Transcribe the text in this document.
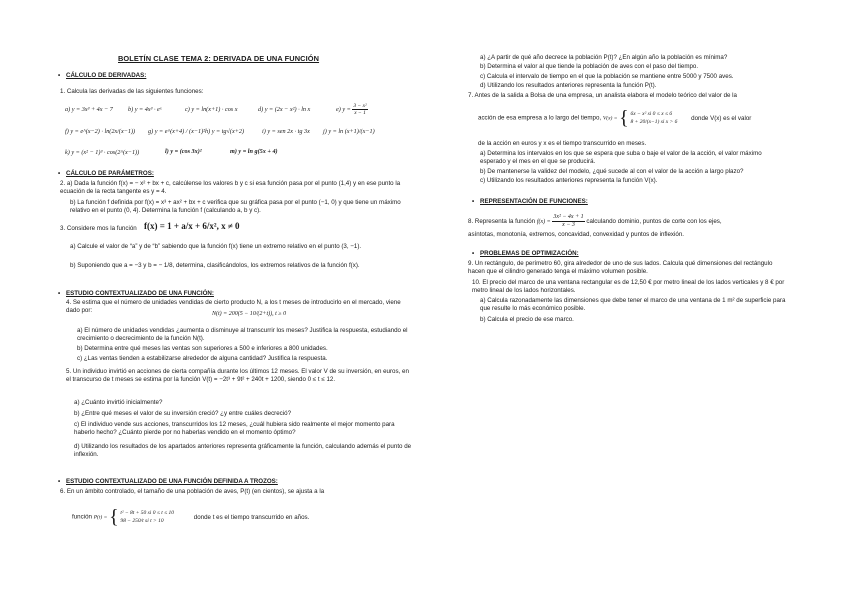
BOLETÍN CLASE TEMA 2: DERIVADA DE UNA FUNCIÓN
• CÁLCULO DE DERIVADAS:
1. Calcula las derivadas de las siguientes funciones:
a) y = 3x³ + 4x − 7 b) y = 4x³ · eˣ	c) y = ln(x+1) · cos x	d) y = (2x − x²) · ln x	e) $y = \frac{\text{3 − x²}}{x - 1}$
f) y = e^(x−2) · ln(2x/(x−1)) g) y = e^(x+4) / (x−1)² h) y = tg√(x+2)	i) y = sen 2x · tg 3x j) y = ln (x+1)/(x−1)
k) y = (x² − 1)³ · cos(2^(x−1))	l) y = (cos 3x)²	m) y = ln g(5x + 4)
• CÁLCULO DE PARÁMETROS:
2. a) Dada la función f(x) = − x² + bx + c, calcúlense los valores b y c si esa función pasa por el punto (1,4) y en ese punto la ecuación de la recta tangente es y = 4.
b) La función f definida por f(x) = x³ + ax² + bx + c verifica que su gráfica pasa por el punto (−1, 0) y que tiene un máximo relativo en el punto (0, 4). Determina la función f (calculando a, b y c).
3. Considere mos la función f(x) = 1 + a/x + 6/x², x ≠ 0
a) Calcule el valor de “a” y de “b” sabiendo que la función f(x) tiene un extremo relativo en el punto (3, −1).
b) Suponiendo que a = −3 y b = − 1/8, determina, clasificándolos, los extremos relativos de la función f(x).
• ESTUDIO CONTEXTUALIZADO DE UNA FUNCIÓN:
4. Se estima que el número de unidades vendidas de cierto producto N, a los t meses de introducirlo en el mercado, viene dado por:	N(t) = 200(5 − 10/(2+t)), t ≥ 0
a) El número de unidades vendidas ¿aumenta o disminuye al transcurrir los meses? Justifica la respuesta, estudiando el crecimiento o decrecimiento de la función N(t).
b) Determina entre qué meses las ventas son superiores a 500 e inferiores a 800 unidades.
c) ¿Las ventas tienden a estabilizarse alrededor de alguna cantidad? Justifica la respuesta.
5. Un individuo invirtió en acciones de cierta compañía durante los últimos 12 meses. El valor V de su inversión, en euros, en el transcurso de t meses se estima por la función V(t) = −2t³ + 9t² + 240t + 1200, siendo 0 ≤ t ≤ 12.
a) ¿Cuánto invirtió inicialmente?
b) ¿Entre qué meses el valor de su inversión creció? ¿y entre cuáles decreció?
c) El individuo vende sus acciones, transcurridos los 12 meses, ¿cuál hubiera sido realmente el mejor momento para haberlo hecho? ¿Cuánto pierde por no haberlas vendido en el momento óptimo?
d) Utilizando los resultados de los apartados anteriores representa gráficamente la función, calculando además el punto de inflexión.
• ESTUDIO CONTEXTUALIZADO DE UNA FUNCIÓN DEFINIDA A TROZOS:
6. En un ámbito controlado, el tamaño de una población de aves, P(t) (en cientos), se ajusta a la
función P(t) = { t² − 8t + 50 si 0 ≤ t ≤ 10
98 − 250/t si t > 10
donde t es el tiempo transcurrido en años.
a) ¿A partir de qué año decrece la población P(t)? ¿En algún año la población es mínima?
b) Determina el valor al que tiende la población de aves con el paso del tiempo.
c) Calcula el intervalo de tiempo en el que la población se mantiene entre 5000 y 7500 aves.
d) Utilizando los resultados anteriores representa la función P(t).
7. Antes de la salida a Bolsa de una empresa, un analista elabora el modelo teórico del valor de la
acción de esa empresa a lo largo del tiempo, V(x) = { 6x − x² si 0 ≤ x ≤ 6
8 + 20/(x−1) si x > 6
donde V(x) es el valor
de la acción en euros y x es el tiempo transcurrido en meses.
a) Determina los intervalos en los que se espera que suba o baje el valor de la acción, el valor máximo esperado y el mes en el que se producirá.
b) De mantenerse la validez del modelo, ¿qué sucede al con el valor de la acción a largo plazo?
c) Utilizando los resultados anteriores representa la función V(x).
• REPRESENTACIÓN DE FUNCIONES:
8. Representa la función $f(x) = \frac{\text{3x² − 4x + 1}}{x - 3}$ calculando dominio, puntos de corte con los ejes,
asíntotas, monotonía, extremos, concavidad, convexidad y puntos de inflexión.
• PROBLEMAS DE OPTIMIZACIÓN:
9. Un rectángulo, de perímetro 60, gira alrededor de uno de sus lados. Calcula qué dimensiones del rectángulo hacen que el cilindro generado tenga el máximo volumen posible.
10. El precio del marco de una ventana rectangular es de 12,50 € por metro lineal de los lados verticales y 8 € por metro lineal de los lados horizontales.
a) Calcula razonadamente las dimensiones que debe tener el marco de una ventana de 1 m² de superficie para que resulte lo más económico posible.
b) Calcula el precio de ese marco.
